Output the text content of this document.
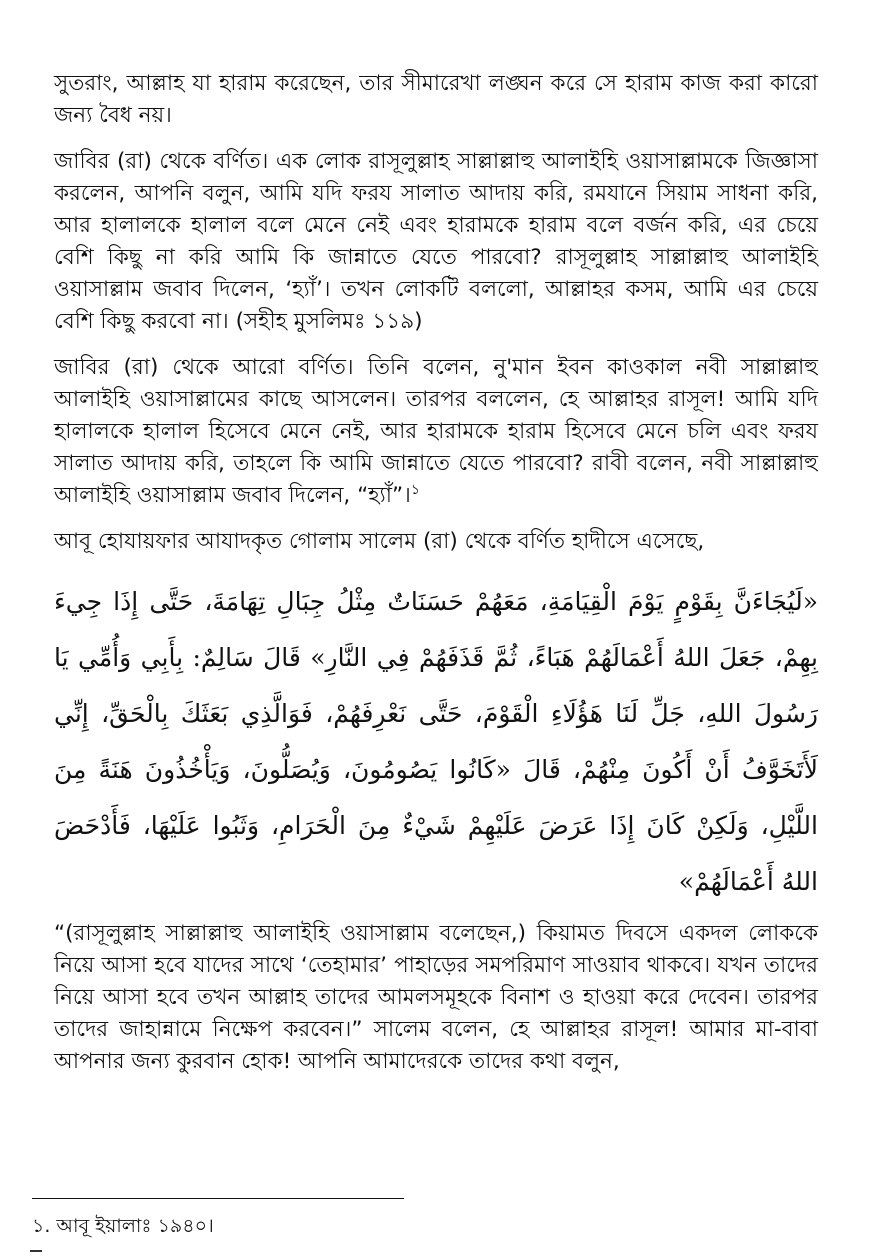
সুতরাং, আল্লাহ যা হারাম করেছেন, তার সীমারেখা লঙ্ঘন করে সে হারাম কাজ করা কারো জন্য বৈধ নয়।

জাবির (রা) থেকে বর্ণিত। এক লোক রাসূলুল্লাহ সাল্লাল্লাহু আলাইহি ওয়াসাল্লামকে জিজ্ঞাসা করলেন, আপনি বলুন, আমি যদি ফরয সালাত আদায় করি, রমযানে সিয়াম সাধনা করি, আর হালালকে হালাল বলে মেনে নেই এবং হারামকে হারাম বলে বর্জন করি, এর চেয়ে বেশি কিছু না করি আমি কি জান্নাতে যেতে পারবো? রাসূলুল্লাহ সাল্লাল্লাহু আলাইহি ওয়াসাল্লাম জবাব দিলেন, ‘হ্যাঁ’। তখন লোকটি বললো, আল্লাহর কসম, আমি এর চেয়ে বেশি কিছু করবো না। (সহীহ মুসলিমঃ ১১৯)

জাবির (রা) থেকে আরো বর্ণিত। তিনি বলেন, নু'মান ইবন কাওকাল নবী সাল্লাল্লাহু আলাইহি ওয়াসাল্লামের কাছে আসলেন। তারপর বললেন, হে আল্লাহর রাসূল! আমি যদি হালালকে হালাল হিসেবে মেনে নেই, আর হারামকে হারাম হিসেবে মেনে চলি এবং ফরয সালাত আদায় করি, তাহলে কি আমি জান্নাতে যেতে পারবো? রাবী বলেন, নবী সাল্লাল্লাহু আলাইহি ওয়াসাল্লাম জবাব দিলেন, “হ্যাঁ”।$^১$

আবূ হোযায়ফার আযাদকৃত গোলাম সালেম (রা) থেকে বর্ণিত হাদীসে এসেছে,

«لَيُجَاءَنَّ بِقَوْمٍ يَوْمَ الْقِيَامَةِ، مَعَهُمْ حَسَنَاتٌ مِثْلُ جِبَالِ تِهَامَةَ، حَتَّى إِذَا جِيءَ بِهِمْ، جَعَلَ اللهُ أَعْمَالَهُمْ هَبَاءً، ثُمَّ قَذَفَهُمْ فِي النَّارِ» قَالَ سَالِمٌ: بِأَبِي وَأُمِّي يَا رَسُولَ اللهِ، جَلِّ لَنَا هَؤُلَاءِ الْقَوْمَ، حَتَّى نَعْرِفَهُمْ، فَوَالَّذِي بَعَثَكَ بِالْحَقِّ، إِنِّي لَأَتَخَوَّفُ أَنْ أَكُونَ مِنْهُمْ، قَالَ «كَانُوا يَصُومُونَ، وَيُصَلُّونَ، وَيَأْخُذُونَ هَنَةً مِنَ اللَّيْلِ، وَلَكِنْ كَانَ إِذَا عَرَضَ عَلَيْهِمْ شَيْءٌ مِنَ الْحَرَامِ، وَثَبُوا عَلَيْهَا، فَأَدْحَضَ اللهُ أَعْمَالَهُمْ»

“(রাসূলুল্লাহ সাল্লাল্লাহু আলাইহি ওয়াসাল্লাম বলেছেন,) কিয়ামত দিবসে একদল লোককে নিয়ে আসা হবে যাদের সাথে ‘তেহামার’ পাহাড়ের সমপরিমাণ সাওয়াব থাকবে। যখন তাদের নিয়ে আসা হবে তখন আল্লাহ তাদের আমলসমূহকে বিনাশ ও হাওয়া করে দেবেন। তারপর তাদের জাহান্নামে নিক্ষেপ করবেন।” সালেম বলেন, হে আল্লাহর রাসূল! আমার মা-বাবা আপনার জন্য কুরবান হোক! আপনি আমাদেরকে তাদের কথা বলুন,

১. আবূ ইয়ালাঃ ১৯৪০।
